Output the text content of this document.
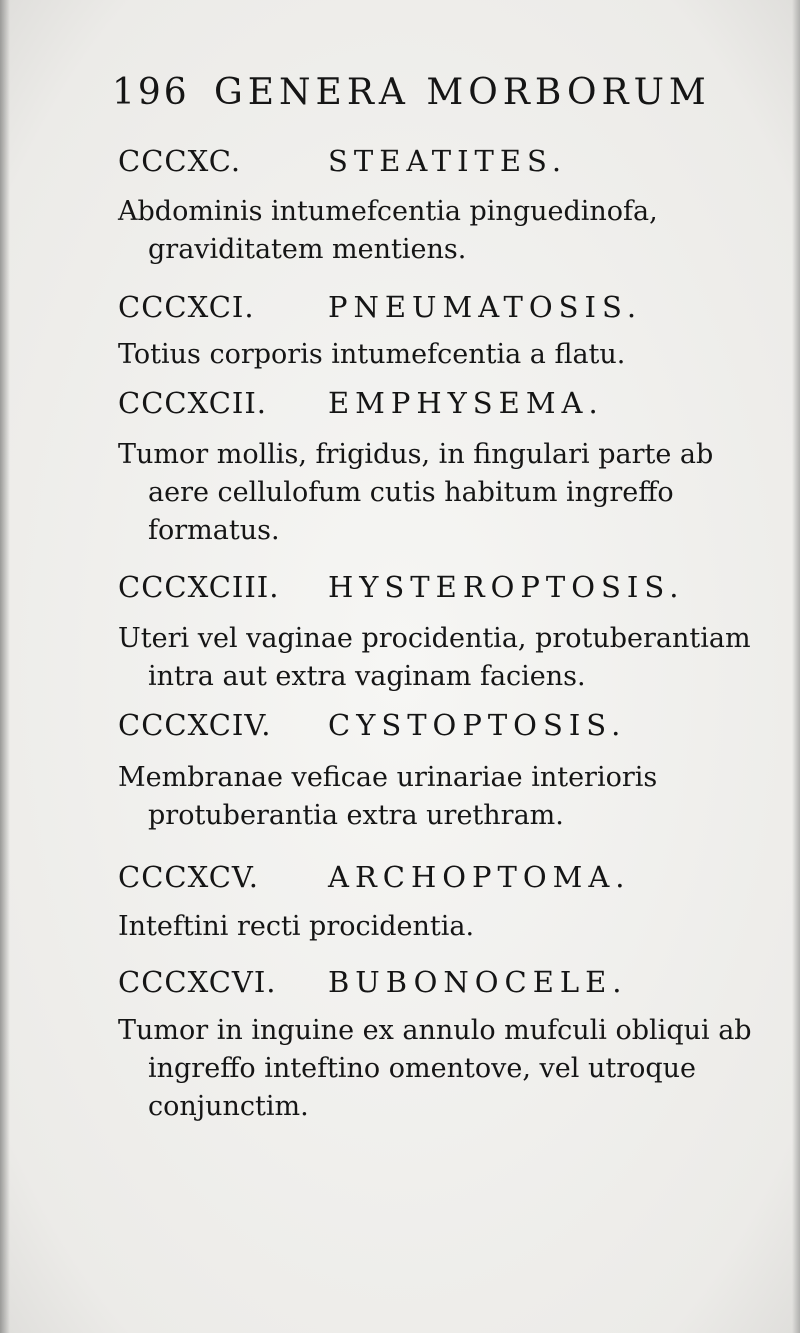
196 GENERA MORBORUM
CCCXC.	STEATITES.
Abdominis intumefcentia pinguedinofa, graviditatem mentiens.
CCCXCI.	PNEUMATOSIS.
Totius corporis intumefcentia a flatu.
CCCXCII. EMPHYSEMA.
Tumor mollis, frigidus, in fingulari parte ab aere cellulofum cutis habitum ingreffo formatus.
CCCXCIII. HYSTEROPTOSIS.
Uteri vel vaginae procidentia, protuberantiam intra aut extra vaginam faciens.
CCCXCIV. CYSTOPTOSIS.
Membranae veficae urinariae interioris protuberantia extra urethram.
CCCXCV. ARCHOPTOMA.
Inteftini recti procidentia.
CCCXCVI. BUBONOCELE.
Tumor in inguine ex annulo mufculi obliqui ab ingreffo inteftino omentove, vel utroque conjunctim.
